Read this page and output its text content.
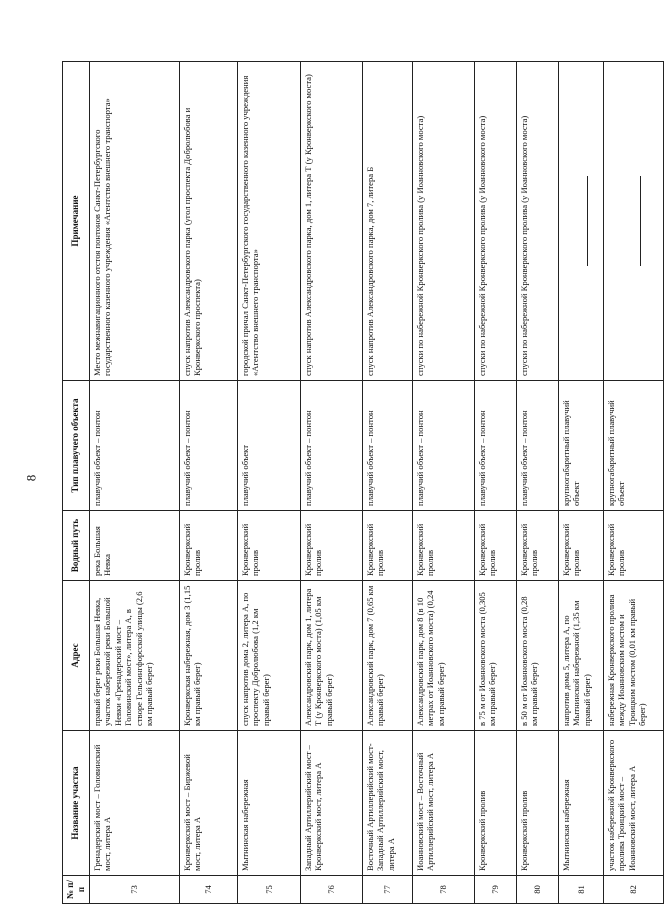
8
№ п/п	Название участка	Адрес	Водный путь	Тип плавучего объекта	Примечание
73	Гренадерский мост – Головинский мост, литера А	правый берег реки Большая Невка, участок набережной реки Большой Невки «Гренадерский мост – Головинский мост», литера А, в створе Гельсингфорсской улицы (2,6 км правый берег)	река Большая Невка	плавучий объект – понтон	Место межнавигационного отстоя понтонов Санкт-Петербургского государственного казенного учреждения «Агентство внешнего транспорта»
74	Кронверкский мост – Биржевой мост, литера А	Кронверкская набережная, дом 3 (1,15 км правый берег)	Кронверкский пролив	плавучий объект – понтон	спуск напротив Александровского парка (угол проспекта Добролюбова и Кронверкского проспекта)
75	Мытнинская набережная	спуск напротив дома 2, литера А, по проспекту Добролюбова (1,2 км правый берег)	Кронверкский пролив	плавучий объект	городской причал Санкт-Петербургского государственного казенного учреждения «Агентство внешнего транспорта»
76	Западный Артиллерийский мост – Кронверкский мост, литера А	Александровский парк, дом 1, литера Т (у Кронверкского моста) (1,05 км правый берег)	Кронверкский пролив	плавучий объект – понтон	спуск напротив Александровского парка, дом 1, литера Т (у Кронверкского моста)
77	Восточный Артиллерийский мост-Западный Артиллерийский мост, литера А	Александровский парк, дом 7 (0,65 км правый берег)	Кронверкский пролив	плавучий объект – понтон	спуск напротив Александровского парка, дом 7, литера Б
78	Иоанновский мост – Восточный Артиллерийский мост, литера А	Александровский парк, дом 8 (в 10 метрах от Иоанновского моста) (0,24 км правый берег)	Кронверкский пролив	плавучий объект – понтон	спуски по набережной Кронверкского пролива (у Иоанновского моста)
79	Кронверкский пролив	в 75 м от Иоанновского моста (0,305 км правый берег)	Кронверкский пролив	плавучий объект – понтон	спуски по набережной Кронверкского пролива (у Иоанновского моста)
80	Кронверкский пролив	в 50 м от Иоанновского моста (0,28 км правый берег)	Кронверкский пролив	плавучий объект – понтон	спуски по набережной Кронверкского пролива (у Иоанновского моста)
81	Мытнинская набережная	напротив дома 5, литера А, по Мытнинской набережной (1,35 км правый берег)	Кронверкский пролив	крупногабаритный плавучий объект	
82	участок набережной Кронверкского пролива Троицкий мост – Иоанновский мост, литера А	набережная Кронверкского пролива между Иоанновским мостом и Троицким мостом (0,01 км правый берег)	Кронверкский пролив	крупногабаритный плавучий объект	
